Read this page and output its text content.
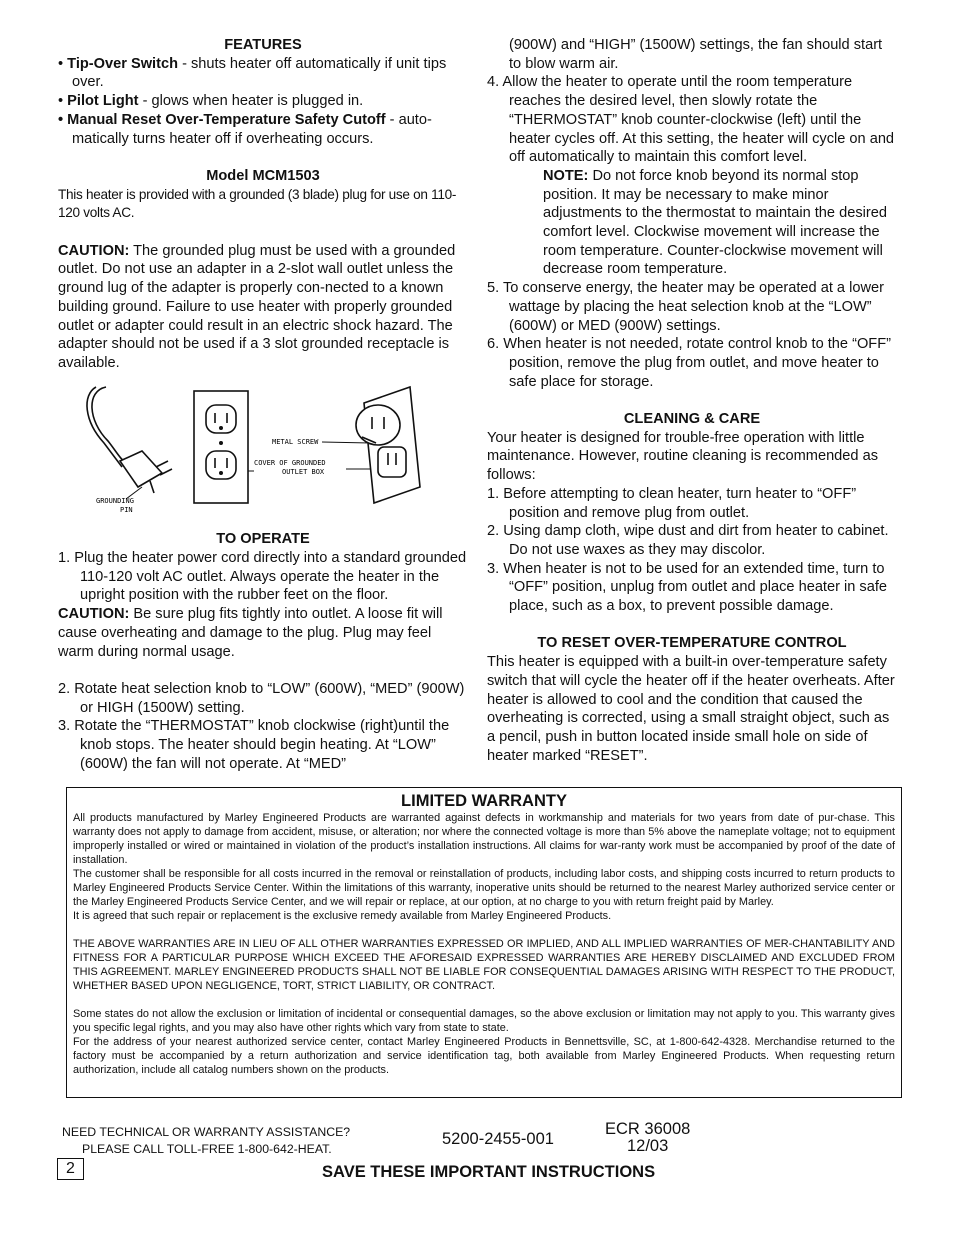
FEATURES
• Tip-Over Switch - shuts heater off automatically if unit tips over.
• Pilot Light - glows when heater is plugged in.
• Manual Reset Over-Temperature Safety Cutoff - auto-matically turns heater off if overheating occurs.
Model MCM1503
This heater is provided with a grounded (3 blade) plug for use on 110-120 volts AC.
CAUTION: The grounded plug must be used with a grounded outlet. Do not use an adapter in a 2-slot wall outlet unless the ground lug of the adapter is properly con-nected to a known building ground. Failure to use heater with properly grounded outlet or adapter could result in an electric shock hazard. The adapter should not be used if a 3 slot grounded receptacle is available.
GROUNDING
PIN
METAL SCREW
COVER OF GROUNDED
OUTLET BOX
TO OPERATE
1. Plug the heater power cord directly into a standard grounded 110-120 volt AC outlet. Always operate the heater in the upright position with the rubber feet on the floor.
CAUTION: Be sure plug fits tightly into outlet. A loose fit will cause overheating and damage to the plug. Plug may feel warm during normal usage.
2. Rotate heat selection knob to “LOW” (600W), “MED” (900W) or HIGH (1500W) setting.
3. Rotate the “THERMOSTAT” knob clockwise (right)until the knob stops. The heater should begin heating. At “LOW” (600W) the fan will not operate. At “MED”
(900W) and “HIGH” (1500W) settings, the fan should start to blow warm air.
4. Allow the heater to operate until the room temperature reaches the desired level, then slowly rotate the “THERMOSTAT” knob counter-clockwise (left) until the heater cycles off. At this setting, the heater will cycle on and off automatically to maintain this comfort level.
NOTE: Do not force knob beyond its normal stop position. It may be necessary to make minor adjustments to the thermostat to maintain the desired comfort level. Clockwise movement will increase the room temperature. Counter-clockwise movement will decrease room temperature.
5. To conserve energy, the heater may be operated at a lower wattage by placing the heat selection knob at the “LOW” (600W) or MED (900W) settings.
6. When heater is not needed, rotate control knob to the “OFF” position, remove the plug from outlet, and move heater to safe place for storage.
CLEANING & CARE
Your heater is designed for trouble-free operation with little maintenance. However, routine cleaning is recommended as follows:
1. Before attempting to clean heater, turn heater to “OFF” position and remove plug from outlet.
2. Using damp cloth, wipe dust and dirt from heater to cabinet. Do not use waxes as they may discolor.
3. When heater is not to be used for an extended time, turn to “OFF” position, unplug from outlet and place heater in safe place, such as a box, to prevent possible damage.
TO RESET OVER-TEMPERATURE CONTROL
This heater is equipped with a built-in over-temperature safety switch that will cycle the heater off if the heater overheats. After heater is allowed to cool and the condition that caused the overheating is corrected, using a small straight object, such as a pencil, push in button located inside small hole on side of heater marked “RESET”.
LIMITED WARRANTY

All products manufactured by Marley Engineered Products are warranted against defects in workmanship and materials for two years from date of pur-chase. This warranty does not apply to damage from accident, misuse, or alteration; nor where the connected voltage is more than 5% above the nameplate voltage; not to equipment improperly installed or wired or maintained in violation of the product’s installation instructions. All claims for war-ranty work must be accompanied by proof of the date of installation.

The customer shall be responsible for all costs incurred in the removal or reinstallation of products, including labor costs, and shipping costs incurred to return products to Marley Engineered Products Service Center. Within the limitations of this warranty, inoperative units should be returned to the nearest Marley authorized service center or the Marley Engineered Products Service Center, and we will repair or replace, at our option, at no charge to you with return freight paid by Marley.

It is agreed that such repair or replacement is the exclusive remedy available from Marley Engineered Products.

THE ABOVE WARRANTIES ARE IN LIEU OF ALL OTHER WARRANTIES EXPRESSED OR IMPLIED, AND ALL IMPLIED WARRANTIES OF MER-CHANTABILITY AND FITNESS FOR A PARTICULAR PURPOSE WHICH EXCEED THE AFORESAID EXPRESSED WARRANTIES ARE HEREBY DISCLAIMED AND EXCLUDED FROM THIS AGREEMENT. MARLEY ENGINEERED PRODUCTS SHALL NOT BE LIABLE FOR CONSEQUENTIAL DAMAGES ARISING WITH RESPECT TO THE PRODUCT, WHETHER BASED UPON NEGLIGENCE, TORT, STRICT LIABILITY, OR CONTRACT.

Some states do not allow the exclusion or limitation of incidental or consequential damages, so the above exclusion or limitation may not apply to you. This warranty gives you specific legal rights, and you may also have other rights which vary from state to state.

For the address of your nearest authorized service center, contact Marley Engineered Products in Bennettsville, SC, at 1-800-642-4328. Merchandise returned to the factory must be accompanied by a return authorization and service identification tag, both available from Marley Engineered Products. When requesting return authorization, include all catalog numbers shown on the products.

NEED TECHNICAL OR WARRANTY ASSISTANCE?
PLEASE CALL TOLL-FREE 1-800-642-HEAT.
5200-2455-001
ECR 36008
12/03
2	SAVE THESE IMPORTANT INSTRUCTIONS
